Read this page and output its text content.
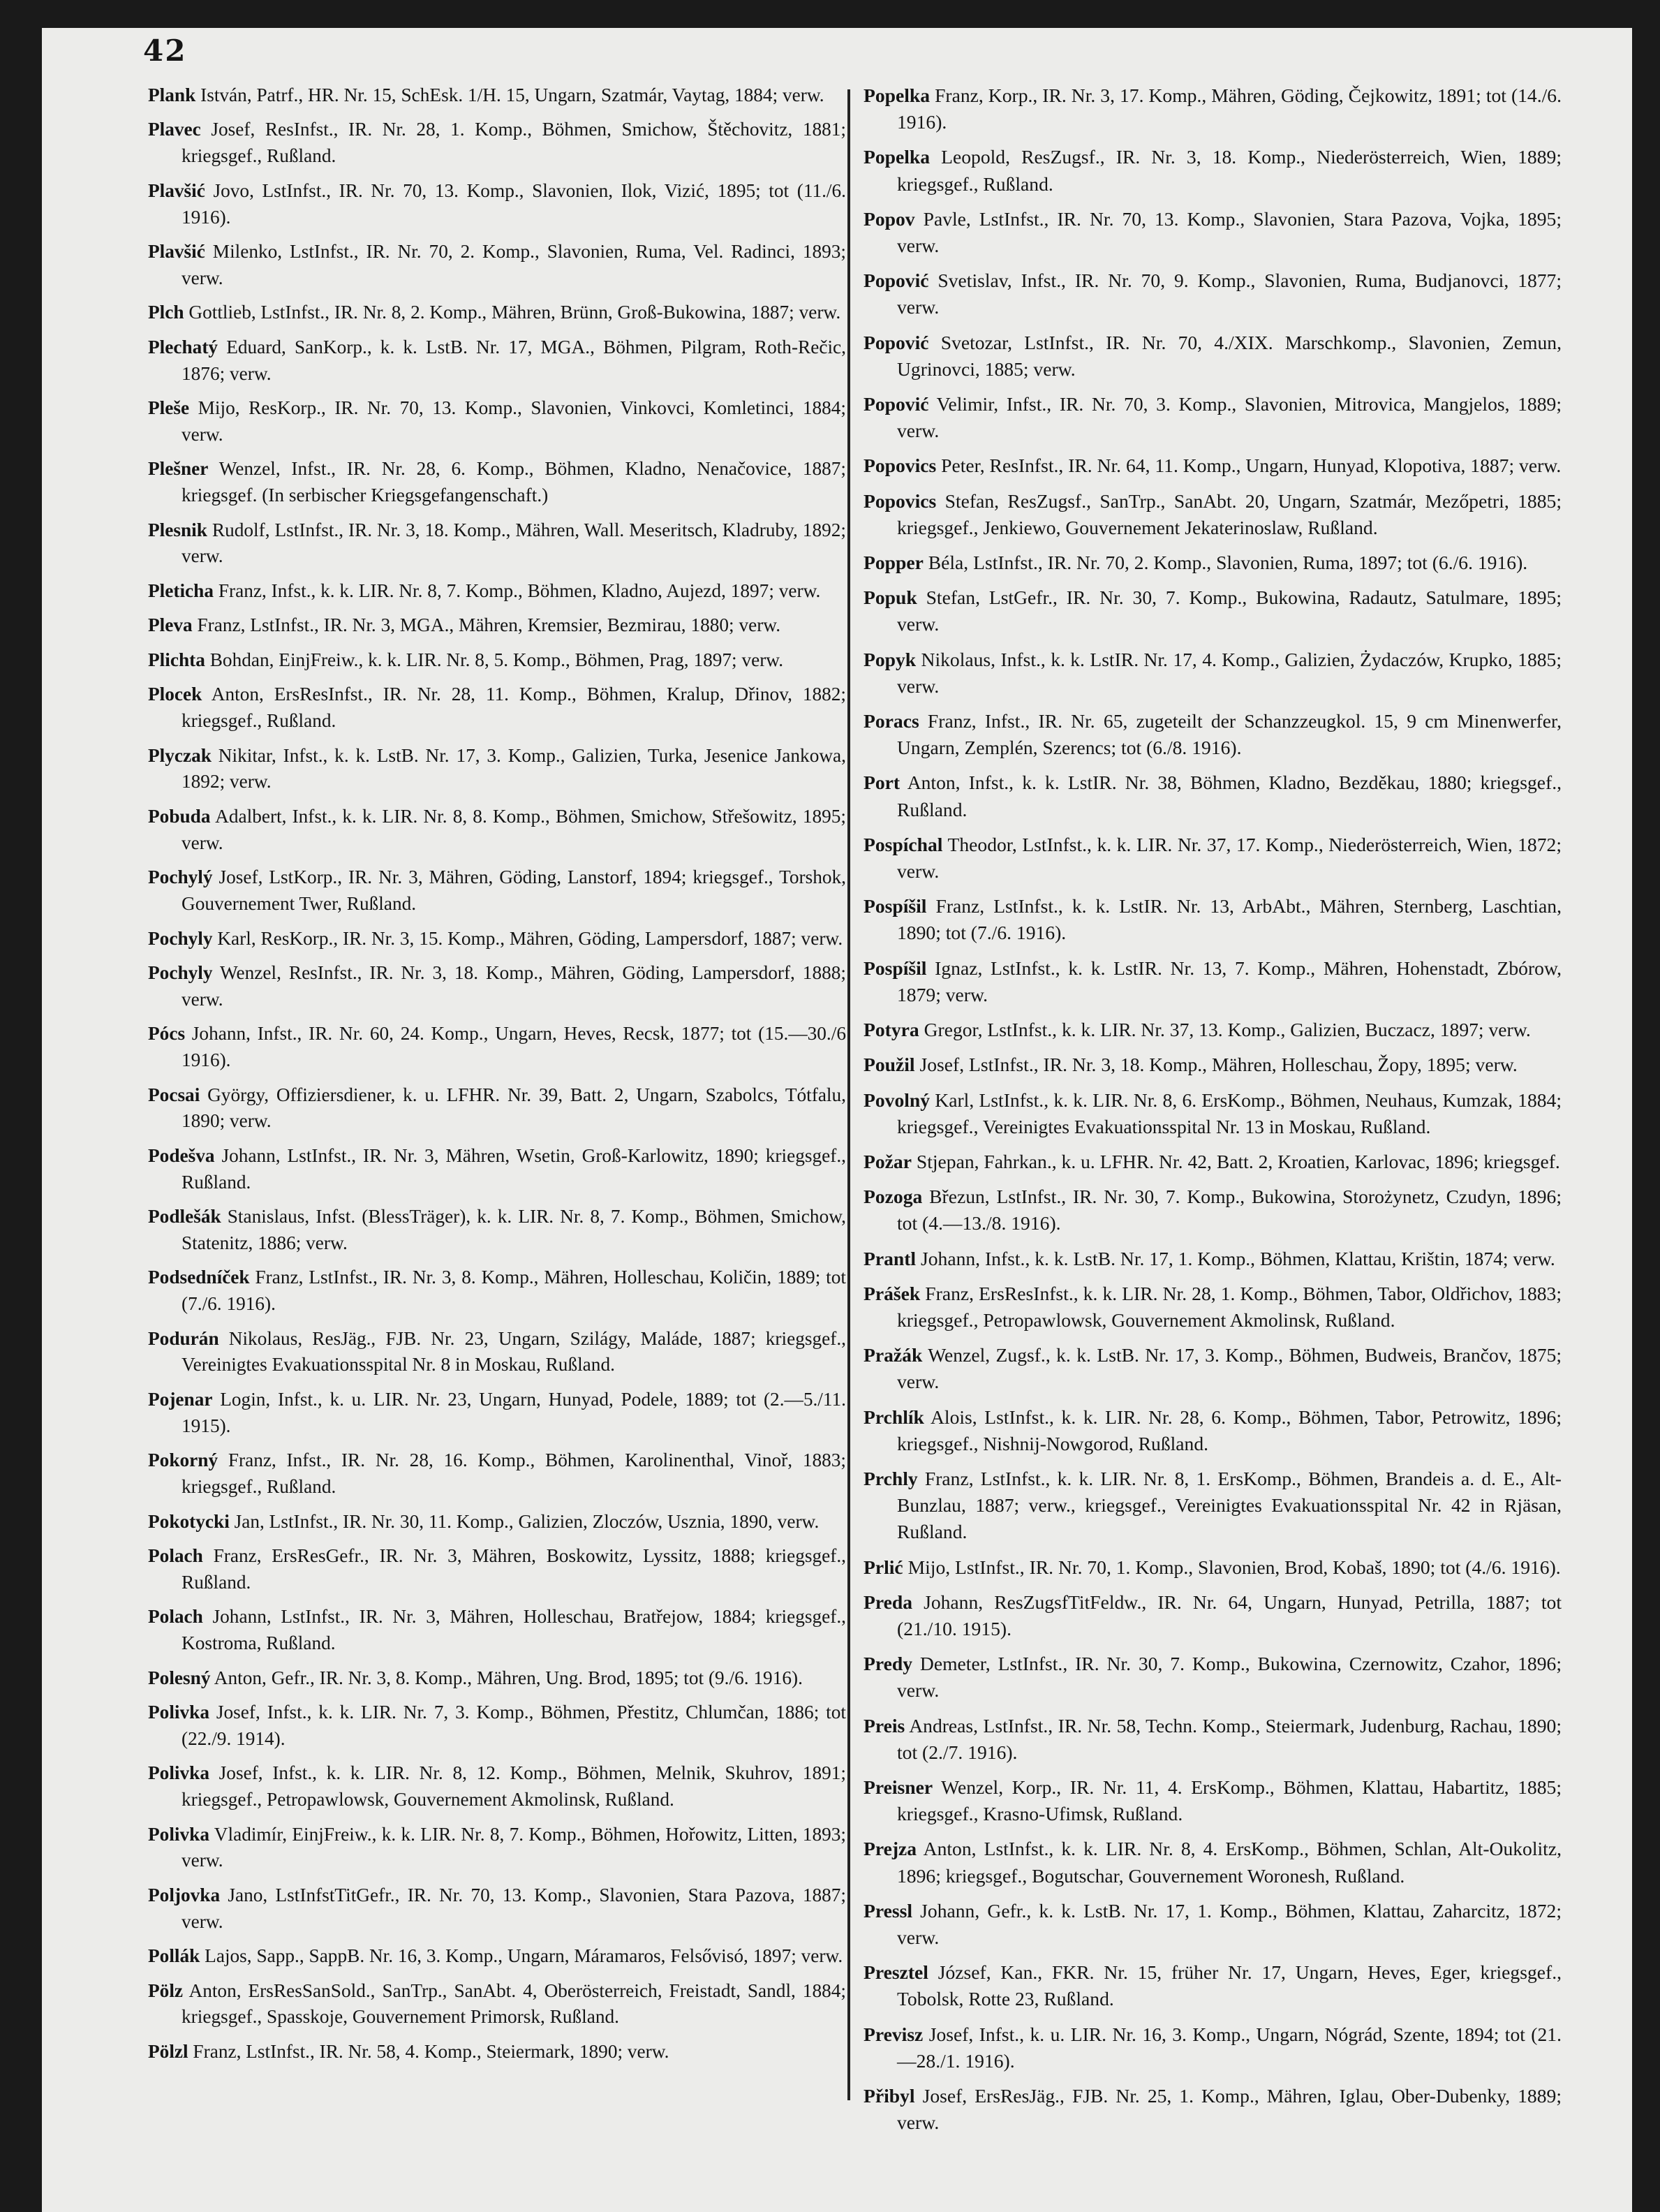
42

Plank István, Patrf., HR. Nr. 15, SchEsk. 1/H. 15, Ungarn, Szatmár, Vaytag, 1884; verw.

Plavec Josef, ResInfst., IR. Nr. 28, 1. Komp., Böhmen, Smichow, Štěchovitz, 1881; kriegsgef., Rußland.

Plavšić Jovo, LstInfst., IR. Nr. 70, 13. Komp., Slavonien, Ilok, Vizić, 1895; tot (11./6. 1916).

Plavšić Milenko, LstInfst., IR. Nr. 70, 2. Komp., Slavonien, Ruma, Vel. Radinci, 1893; verw.

Plch Gottlieb, LstInfst., IR. Nr. 8, 2. Komp., Mähren, Brünn, Groß-Bukowina, 1887; verw.

Plechatý Eduard, SanKorp., k. k. LstB. Nr. 17, MGA., Böhmen, Pilgram, Roth-Rečic, 1876; verw.

Pleše Mijo, ResKorp., IR. Nr. 70, 13. Komp., Slavonien, Vinkovci, Komletinci, 1884; verw.

Plešner Wenzel, Infst., IR. Nr. 28, 6. Komp., Böhmen, Kladno, Nenačovice, 1887; kriegsgef. (In serbischer Kriegsgefangenschaft.)

Plesnik Rudolf, LstInfst., IR. Nr. 3, 18. Komp., Mähren, Wall. Meseritsch, Kladruby, 1892; verw.

Pleticha Franz, Infst., k. k. LIR. Nr. 8, 7. Komp., Böhmen, Kladno, Aujezd, 1897; verw.

Pleva Franz, LstInfst., IR. Nr. 3, MGA., Mähren, Kremsier, Bezmirau, 1880; verw.

Plichta Bohdan, EinjFreiw., k. k. LIR. Nr. 8, 5. Komp., Böhmen, Prag, 1897; verw.

Plocek Anton, ErsResInfst., IR. Nr. 28, 11. Komp., Böhmen, Kralup, Dřinov, 1882; kriegsgef., Rußland.

Plyczak Nikitar, Infst., k. k. LstB. Nr. 17, 3. Komp., Galizien, Turka, Jesenice Jankowa, 1892; verw.

Pobuda Adalbert, Infst., k. k. LIR. Nr. 8, 8. Komp., Böhmen, Smichow, Střešowitz, 1895; verw.

Pochylý Josef, LstKorp., IR. Nr. 3, Mähren, Göding, Lanstorf, 1894; kriegsgef., Torshok, Gouvernement Twer, Rußland.

Pochyly Karl, ResKorp., IR. Nr. 3, 15. Komp., Mähren, Göding, Lampersdorf, 1887; verw.

Pochyly Wenzel, ResInfst., IR. Nr. 3, 18. Komp., Mähren, Göding, Lampersdorf, 1888; verw.

Pócs Johann, Infst., IR. Nr. 60, 24. Komp., Ungarn, Heves, Recsk, 1877; tot (15.—30./6 1916).

Pocsai György, Offiziersdiener, k. u. LFHR. Nr. 39, Batt. 2, Ungarn, Szabolcs, Tótfalu, 1890; verw.

Podešva Johann, LstInfst., IR. Nr. 3, Mähren, Wsetin, Groß-Karlowitz, 1890; kriegsgef., Rußland.

Podlešák Stanislaus, Infst. (BlessTräger), k. k. LIR. Nr. 8, 7. Komp., Böhmen, Smichow, Statenitz, 1886; verw.

Podsedníček Franz, LstInfst., IR. Nr. 3, 8. Komp., Mähren, Holleschau, Količin, 1889; tot (7./6. 1916).

Podurán Nikolaus, ResJäg., FJB. Nr. 23, Ungarn, Szilágy, Maláde, 1887; kriegsgef., Vereinigtes Evakuationsspital Nr. 8 in Moskau, Rußland.

Pojenar Login, Infst., k. u. LIR. Nr. 23, Ungarn, Hunyad, Podele, 1889; tot (2.—5./11. 1915).

Pokorný Franz, Infst., IR. Nr. 28, 16. Komp., Böhmen, Karolinenthal, Vinoř, 1883; kriegsgef., Rußland.

Pokotycki Jan, LstInfst., IR. Nr. 30, 11. Komp., Galizien, Zloczów, Usznia, 1890, verw.

Polach Franz, ErsResGefr., IR. Nr. 3, Mähren, Boskowitz, Lyssitz, 1888; kriegsgef., Rußland.

Polach Johann, LstInfst., IR. Nr. 3, Mähren, Holleschau, Bratřejow, 1884; kriegsgef., Kostroma, Rußland.

Polesný Anton, Gefr., IR. Nr. 3, 8. Komp., Mähren, Ung. Brod, 1895; tot (9./6. 1916).

Polivka Josef, Infst., k. k. LIR. Nr. 7, 3. Komp., Böhmen, Přestitz, Chlumčan, 1886; tot (22./9. 1914).

Polivka Josef, Infst., k. k. LIR. Nr. 8, 12. Komp., Böhmen, Melnik, Skuhrov, 1891; kriegsgef., Petropawlowsk, Gouvernement Akmolinsk, Rußland.

Polivka Vladimír, EinjFreiw., k. k. LIR. Nr. 8, 7. Komp., Böhmen, Hořowitz, Litten, 1893; verw.

Poljovka Jano, LstInfstTitGefr., IR. Nr. 70, 13. Komp., Slavonien, Stara Pazova, 1887; verw.

Pollák Lajos, Sapp., SappB. Nr. 16, 3. Komp., Ungarn, Máramaros, Felsővisó, 1897; verw.

Pölz Anton, ErsResSanSold., SanTrp., SanAbt. 4, Oberösterreich, Freistadt, Sandl, 1884; kriegsgef., Spasskoje, Gouvernement Primorsk, Rußland.

Pölzl Franz, LstInfst., IR. Nr. 58, 4. Komp., Steiermark, 1890; verw.

Popelka Franz, Korp., IR. Nr. 3, 17. Komp., Mähren, Göding, Čejkowitz, 1891; tot (14./6. 1916).

Popelka Leopold, ResZugsf., IR. Nr. 3, 18. Komp., Niederösterreich, Wien, 1889; kriegsgef., Rußland.

Popov Pavle, LstInfst., IR. Nr. 70, 13. Komp., Slavonien, Stara Pazova, Vojka, 1895; verw.

Popović Svetislav, Infst., IR. Nr. 70, 9. Komp., Slavonien, Ruma, Budjanovci, 1877; verw.

Popović Svetozar, LstInfst., IR. Nr. 70, 4./XIX. Marschkomp., Slavonien, Zemun, Ugrinovci, 1885; verw.

Popović Velimir, Infst., IR. Nr. 70, 3. Komp., Slavonien, Mitrovica, Mangjelos, 1889; verw.

Popovics Peter, ResInfst., IR. Nr. 64, 11. Komp., Ungarn, Hunyad, Klopotiva, 1887; verw.

Popovics Stefan, ResZugsf., SanTrp., SanAbt. 20, Ungarn, Szatmár, Mezőpetri, 1885; kriegsgef., Jenkiewo, Gouvernement Jekaterinoslaw, Rußland.

Popper Béla, LstInfst., IR. Nr. 70, 2. Komp., Slavonien, Ruma, 1897; tot (6./6. 1916).

Popuk Stefan, LstGefr., IR. Nr. 30, 7. Komp., Bukowina, Radautz, Satulmare, 1895; verw.

Popyk Nikolaus, Infst., k. k. LstIR. Nr. 17, 4. Komp., Galizien, Żydaczów, Krupko, 1885; verw.

Poracs Franz, Infst., IR. Nr. 65, zugeteilt der Schanzzeugkol. 15, 9 cm Minenwerfer, Ungarn, Zemplén, Szerencs; tot (6./8. 1916).

Port Anton, Infst., k. k. LstIR. Nr. 38, Böhmen, Kladno, Bezděkau, 1880; kriegsgef., Rußland.

Pospíchal Theodor, LstInfst., k. k. LIR. Nr. 37, 17. Komp., Niederösterreich, Wien, 1872; verw.

Pospíšil Franz, LstInfst., k. k. LstIR. Nr. 13, ArbAbt., Mähren, Sternberg, Laschtian, 1890; tot (7./6. 1916).

Pospíšil Ignaz, LstInfst., k. k. LstIR. Nr. 13, 7. Komp., Mähren, Hohenstadt, Zbórow, 1879; verw.

Potyra Gregor, LstInfst., k. k. LIR. Nr. 37, 13. Komp., Galizien, Buczacz, 1897; verw.

Použil Josef, LstInfst., IR. Nr. 3, 18. Komp., Mähren, Holleschau, Žopy, 1895; verw.

Povolný Karl, LstInfst., k. k. LIR. Nr. 8, 6. ErsKomp., Böhmen, Neuhaus, Kumzak, 1884; kriegsgef., Vereinigtes Evakuationsspital Nr. 13 in Moskau, Rußland.

Požar Stjepan, Fahrkan., k. u. LFHR. Nr. 42, Batt. 2, Kroatien, Karlovac, 1896; kriegsgef.

Pozoga Březun, LstInfst., IR. Nr. 30, 7. Komp., Bukowina, Storożynetz, Czudyn, 1896; tot (4.—13./8. 1916).

Prantl Johann, Infst., k. k. LstB. Nr. 17, 1. Komp., Böhmen, Klattau, Krištin, 1874; verw.

Prášek Franz, ErsResInfst., k. k. LIR. Nr. 28, 1. Komp., Böhmen, Tabor, Oldřichov, 1883; kriegsgef., Petropawlowsk, Gouvernement Akmolinsk, Rußland.

Pražák Wenzel, Zugsf., k. k. LstB. Nr. 17, 3. Komp., Böhmen, Budweis, Brančov, 1875; verw.

Prchlík Alois, LstInfst., k. k. LIR. Nr. 28, 6. Komp., Böhmen, Tabor, Petrowitz, 1896; kriegsgef., Nishnij-Nowgorod, Rußland.

Prchly Franz, LstInfst., k. k. LIR. Nr. 8, 1. ErsKomp., Böhmen, Brandeis a. d. E., Alt-Bunzlau, 1887; verw., kriegsgef., Vereinigtes Evakuationsspital Nr. 42 in Rjäsan, Rußland.

Prlić Mijo, LstInfst., IR. Nr. 70, 1. Komp., Slavonien, Brod, Kobaš, 1890; tot (4./6. 1916).

Preda Johann, ResZugsfTitFeldw., IR. Nr. 64, Ungarn, Hunyad, Petrilla, 1887; tot (21./10. 1915).

Predy Demeter, LstInfst., IR. Nr. 30, 7. Komp., Bukowina, Czernowitz, Czahor, 1896; verw.

Preis Andreas, LstInfst., IR. Nr. 58, Techn. Komp., Steiermark, Judenburg, Rachau, 1890; tot (2./7. 1916).

Preisner Wenzel, Korp., IR. Nr. 11, 4. ErsKomp., Böhmen, Klattau, Habartitz, 1885; kriegsgef., Krasno-Ufimsk, Rußland.

Prejza Anton, LstInfst., k. k. LIR. Nr. 8, 4. ErsKomp., Böhmen, Schlan, Alt-Oukolitz, 1896; kriegsgef., Bogutschar, Gouvernement Woronesh, Rußland.

Pressl Johann, Gefr., k. k. LstB. Nr. 17, 1. Komp., Böhmen, Klattau, Zaharcitz, 1872; verw.

Presztel József, Kan., FKR. Nr. 15, früher Nr. 17, Ungarn, Heves, Eger, kriegsgef., Tobolsk, Rotte 23, Rußland.

Previsz Josef, Infst., k. u. LIR. Nr. 16, 3. Komp., Ungarn, Nógrád, Szente, 1894; tot (21.—28./1. 1916).

Přibyl Josef, ErsResJäg., FJB. Nr. 25, 1. Komp., Mähren, Iglau, Ober-Dubenky, 1889; verw.
